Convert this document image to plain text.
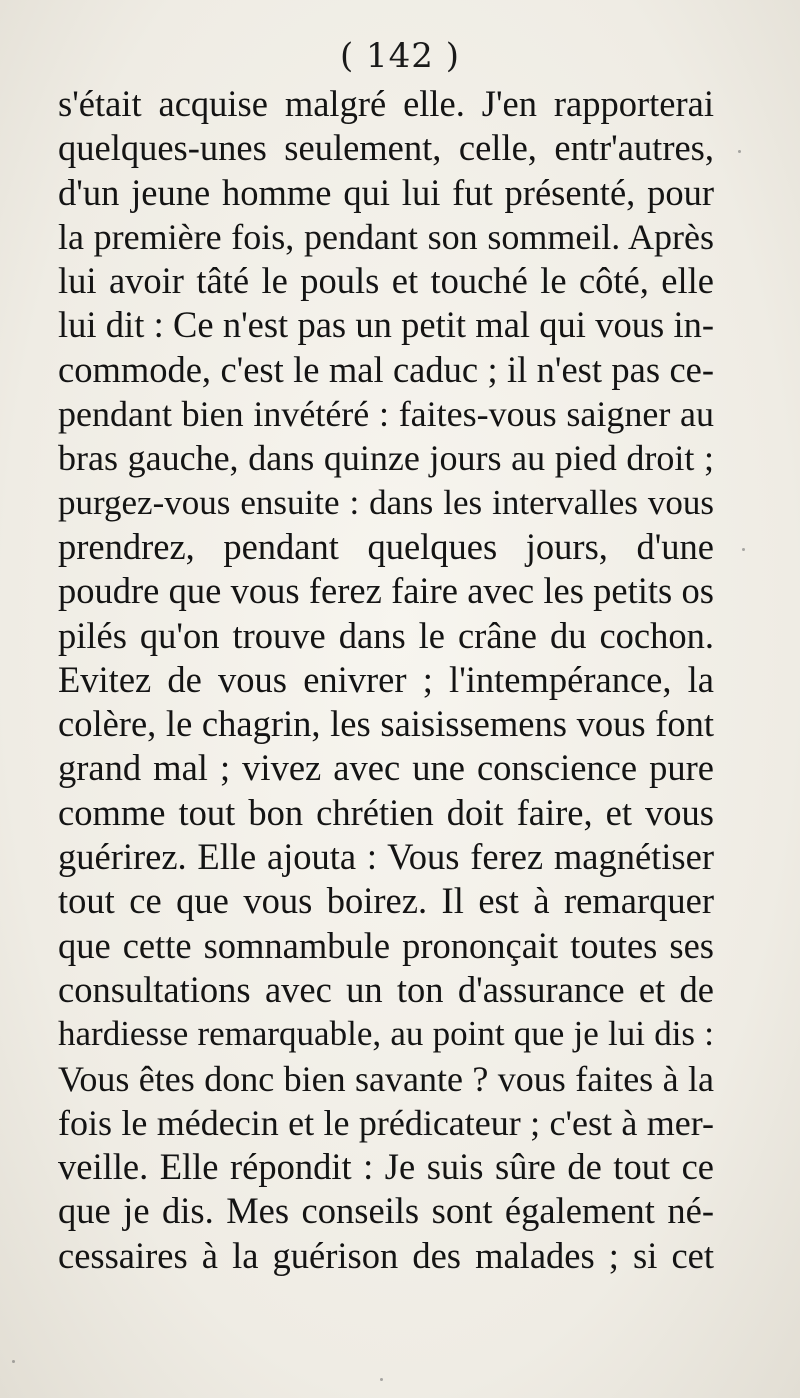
( 142 )
s'était acquise malgré elle. J'en rapporterai
quelques-unes seulement, celle, entr'autres,
d'un jeune homme qui lui fut présenté, pour
la première fois, pendant son sommeil. Après
lui avoir tâté le pouls et touché le côté, elle
lui dit : Ce n'est pas un petit mal qui vous in-
commode, c'est le mal caduc ; il n'est pas ce-
pendant bien invétéré : faites-vous saigner au
bras gauche, dans quinze jours au pied droit ;
purgez-vous ensuite : dans les intervalles vous
prendrez, pendant quelques jours, d'une
poudre que vous ferez faire avec les petits os
pilés qu'on trouve dans le crâne du cochon.
Evitez de vous enivrer ; l'intempérance, la
colère, le chagrin, les saisissemens vous font
grand mal ; vivez avec une conscience pure
comme tout bon chrétien doit faire, et vous
guérirez. Elle ajouta : Vous ferez magnétiser
tout ce que vous boirez. Il est à remarquer
que cette somnambule prononçait toutes ses
consultations avec un ton d'assurance et de
hardiesse remarquable, au point que je lui dis :
Vous êtes donc bien savante ? vous faites à la
fois le médecin et le prédicateur ; c'est à mer-
veille. Elle répondit : Je suis sûre de tout ce
que je dis. Mes conseils sont également né-
cessaires à la guérison des malades ; si cet
